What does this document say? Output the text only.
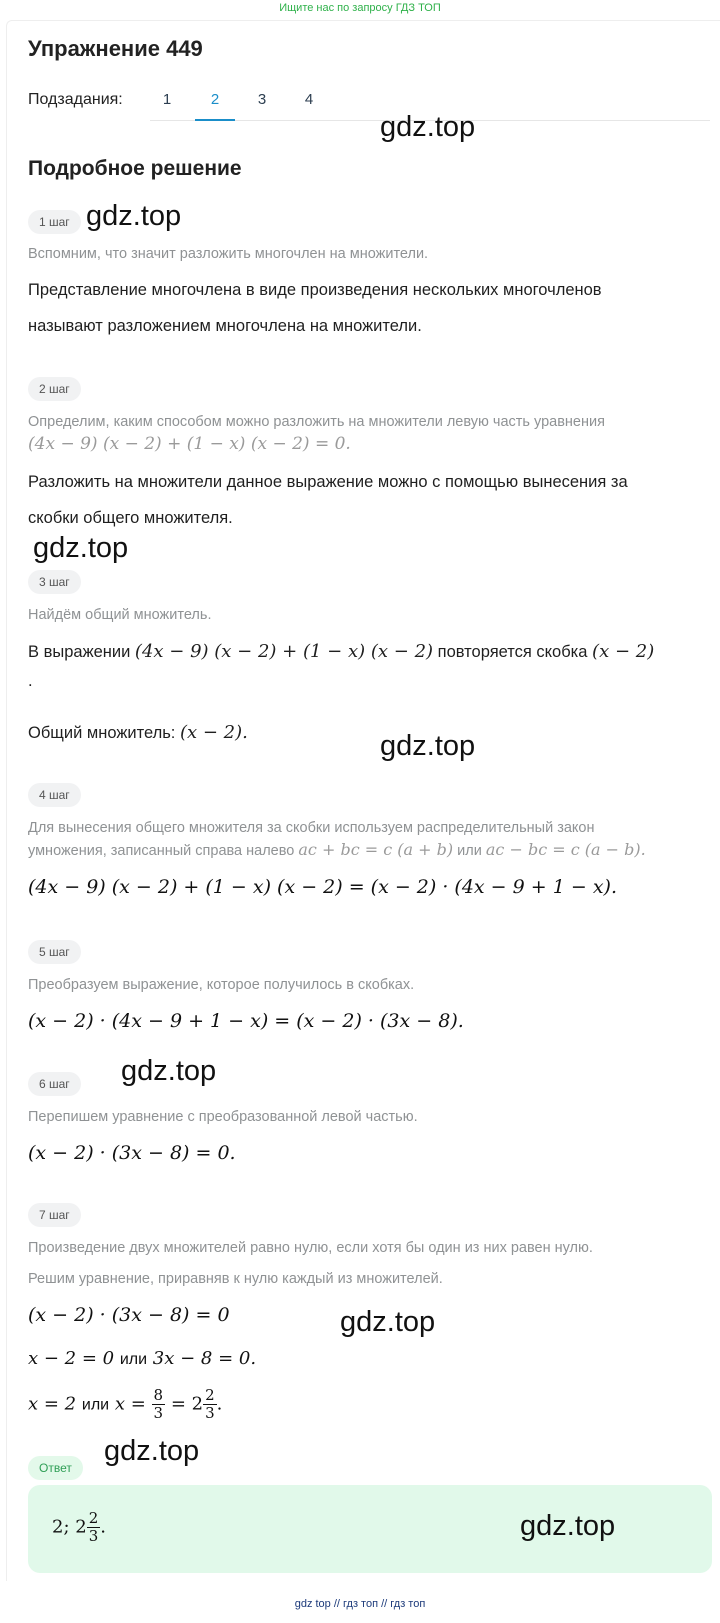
Ищите нас по запросу ГДЗ ТОП
Упражнение 449
Подзадания:	1	2	3	4
gdz.top
Подробное решение
1 шаг gdz.top
Вспомним, что значит разложить многочлен на множители.
Представление многочлена в виде произведения нескольких многочленов
называют разложением многочлена на множители.
2 шаг
Определим, каким способом можно разложить на множители левую часть уравнения
(4x − 9) (x − 2) + (1 − x) (x − 2) = 0.
Разложить на множители данное выражение можно с помощью вынесения за
скобки общего множителя.
gdz.top
3 шаг
Найдём общий множитель.
В выражении (4x − 9) (x − 2) + (1 − x) (x − 2) повторяется скобка (x − 2)
.
Общий множитель: (x − 2).	gdz.top
4 шаг
Для вынесения общего множителя за скобки используем распределительный закон
умножения, записанный справа налево ac + bc = c (a + b) или ac − bc = c (a − b).
(4x − 9) (x − 2) + (1 − x) (x − 2) = (x − 2) · (4x − 9 + 1 − x).
5 шаг
Преобразуем выражение, которое получилось в скобках.
(x − 2) · (4x − 9 + 1 − x) = (x − 2) · (3x − 8).
gdz.top
6 шаг
Перепишем уравнение с преобразованной левой частью.
(x − 2) · (3x − 8) = 0.
7 шаг
Произведение двух множителей равно нулю, если хотя бы один из них равен нулю.
Решим уравнение, приравняв к нулю каждый из множителей.
(x − 2) · (3x − 8) = 0	gdz.top
x − 2 = 0 или 3x − 8 = 0.
x = 2 или $x = \frac{8}{3} = 2 \frac{2}{3}$ .
gdz.top
Ответ
2; $2 \frac{2}{3}$ .	gdz.top
gdz top // гдз топ // гдз топ
